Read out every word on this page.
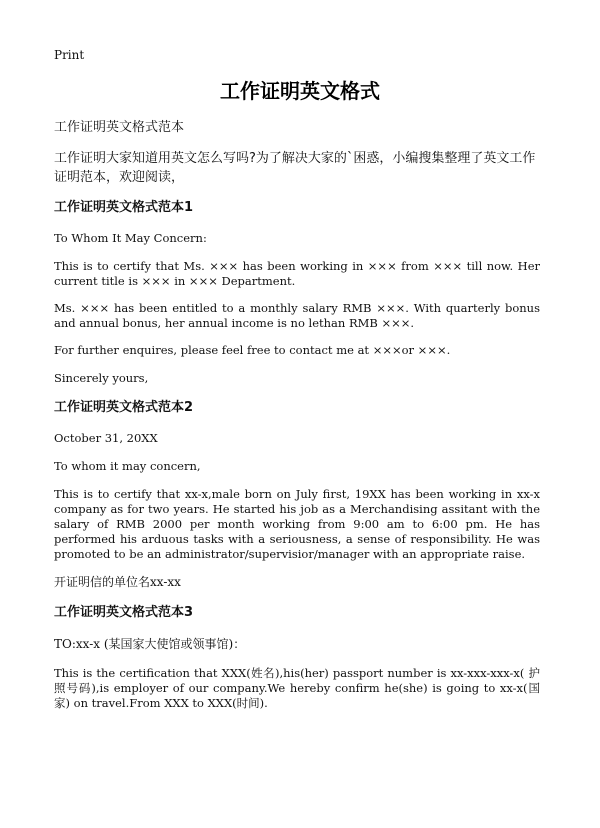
Print
工作证明英文格式

工作证明英文格式范本

工作证明大家知道用英文怎么写吗?为了解决大家的`困惑，小编搜集整理了英文工作证明范本，欢迎阅读，

工作证明英文格式范本1

To Whom It May Concern:

This is to certify that Ms. ××× has been working in ××× from ××× till now. Her current title is ××× in ××× Department.

Ms. ××× has been entitled to a monthly salary RMB ×××. With quarterly bonus and annual bonus, her annual income is no lethan RMB ×××.

For further enquires, please feel free to contact me at ×××or ×××.

Sincerely yours,

工作证明英文格式范本2

October 31, 20XX

To whom it may concern,

This is to certify that xx-x,male born on July first, 19XX has been working in xx-x company as for two years. He started his job as a Merchandising assitant with the salary of RMB 2000 per month working from 9:00 am to 6:00 pm. He has performed his arduous tasks with a seriousness, a sense of responsibility. He was promoted to be an administrator/supervisior/manager with an appropriate raise.

开证明信的单位名xx-xx

工作证明英文格式范本3

TO:xx-x (某国家大使馆或领事馆)：

This is the certification that XXX(姓名),his(her) passport number is xx-xxx-xxx-x( 护照号码),is employer of our company.We hereby confirm he(she) is going to xx-x(国家) on travel.From XXX to XXX(时间).
